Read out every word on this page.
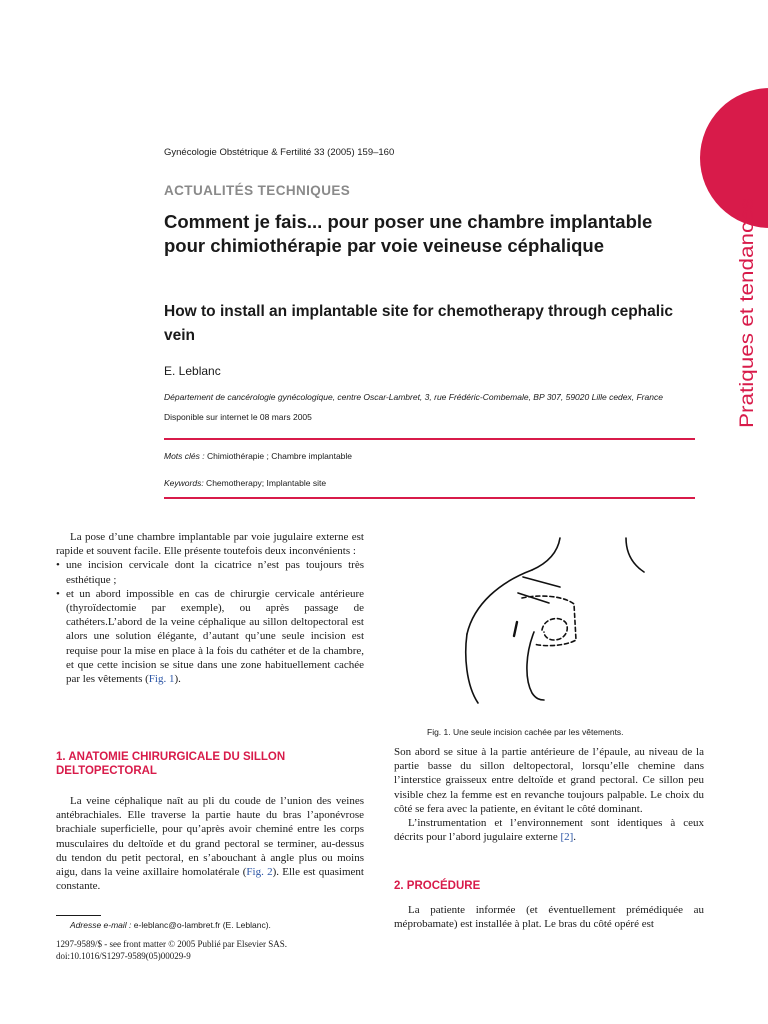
Pratiques et tendances
Gynécologie Obstétrique & Fertilité 33 (2005) 159–160
ACTUALITÉS TECHNIQUES
Comment je fais... pour poser une chambre implantable pour chimiothérapie par voie veineuse céphalique
How to install an implantable site for chemotherapy through cephalic vein
E. Leblanc
Département de cancérologie gynécologique, centre Oscar-Lambret, 3, rue Frédéric-Combemale, BP 307, 59020 Lille cedex, France
Disponible sur internet le 08 mars 2005
Mots clés : Chimiothérapie ; Chambre implantable
Keywords: Chemotherapy; Implantable site

La pose d’une chambre implantable par voie jugulaire externe est rapide et souvent facile. Elle présente toutefois deux inconvénients :

• une incision cervicale dont la cicatrice n’est pas toujours très esthétique ;
• et un abord impossible en cas de chirurgie cervicale antérieure (thyroïdectomie par exemple), ou après passage de cathéters.L’abord de la veine céphalique au sillon deltopectoral est alors une solution élégante, d’autant qu’une seule incision est requise pour la mise en place à la fois du cathéter et de la chambre, et que cette incision se situe dans une zone habituellement cachée par les vêtements (Fig. 1).
1. ANATOMIE CHIRURGICALE DU SILLON DELTOPECTORAL

La veine céphalique naît au pli du coude de l’union des veines antébrachiales. Elle traverse la partie haute du bras l’aponévrose brachiale superficielle, pour qu’après avoir cheminé entre les corps musculaires du deltoïde et du grand pectoral se terminer, au-dessus du tendon du petit pectoral, en s’abouchant à angle plus ou moins aigu, dans la veine axillaire homolatérale (Fig. 2). Elle est quasiment constante.

Fig. 1. Une seule incision cachée par les vêtements.

Son abord se situe à la partie antérieure de l’épaule, au niveau de la partie basse du sillon deltopectoral, lorsqu’elle chemine dans l’interstice graisseux entre deltoïde et grand pectoral. Ce sillon peu visible chez la femme est en revanche toujours palpable. Le choix du côté se fera avec la patiente, en évitant le côté dominant.

L’instrumentation et l’environnement sont identiques à ceux décrits pour l’abord jugulaire externe [2].

2. PROCÉDURE

La patiente informée (et éventuellement prémédiquée au méprobamate) est installée à plat. Le bras du côté opéré est

Adresse e-mail : e-leblanc@o-lambret.fr (E. Leblanc).
1297-9589/$ - see front matter © 2005 Publié par Elsevier SAS.
doi:10.1016/S1297-9589(05)00029-9
